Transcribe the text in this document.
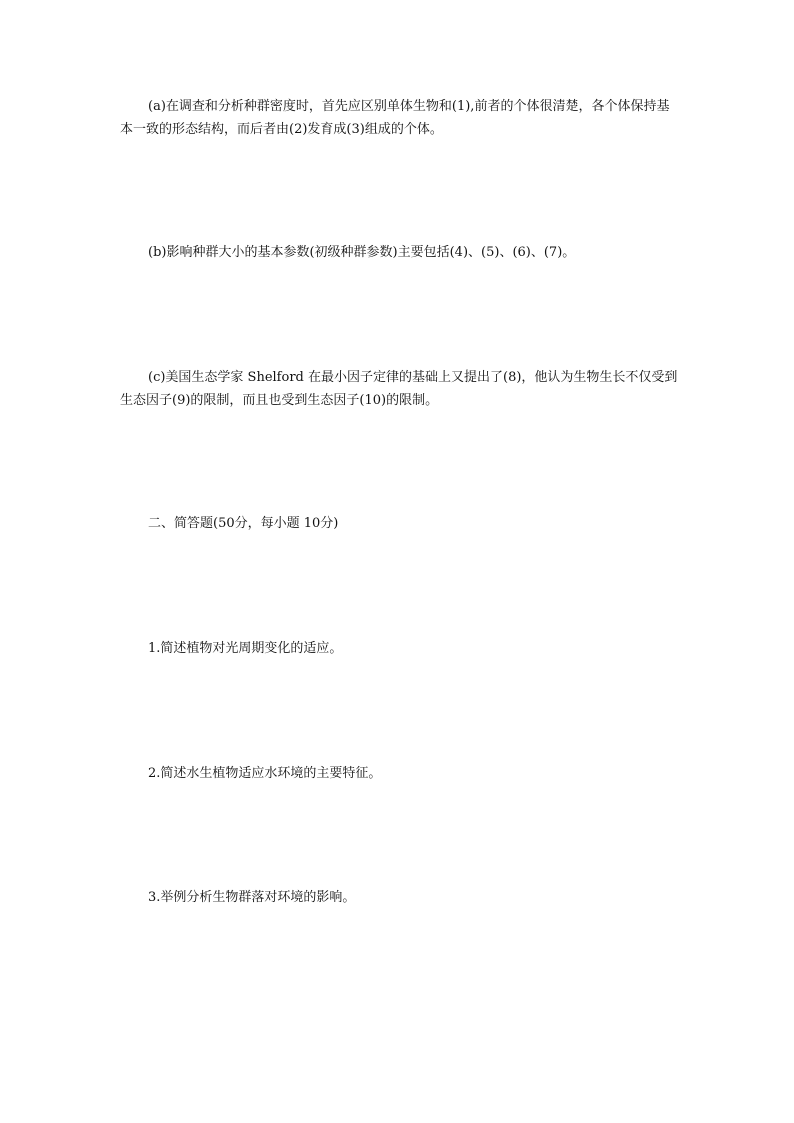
(a)在调查和分析种群密度时，首先应区别单体生物和(1),前者的个体很清楚，各个体保持基本一致的形态结构，而后者由(2)发育成(3)组成的个体。

(b)影响种群大小的基本参数(初级种群参数)主要包括(4)、(5)、(6)、(7)。

(c)美国生态学家 Shelford 在最小因子定律的基础上又提出了(8)，他认为生物生长不仅受到生态因子(9)的限制，而且也受到生态因子(10)的限制。

二、简答题(50分，每小题 10分)

1.简述植物对光周期变化的适应。

2.简述水生植物适应水环境的主要特征。

3.举例分析生物群落对环境的影响。
